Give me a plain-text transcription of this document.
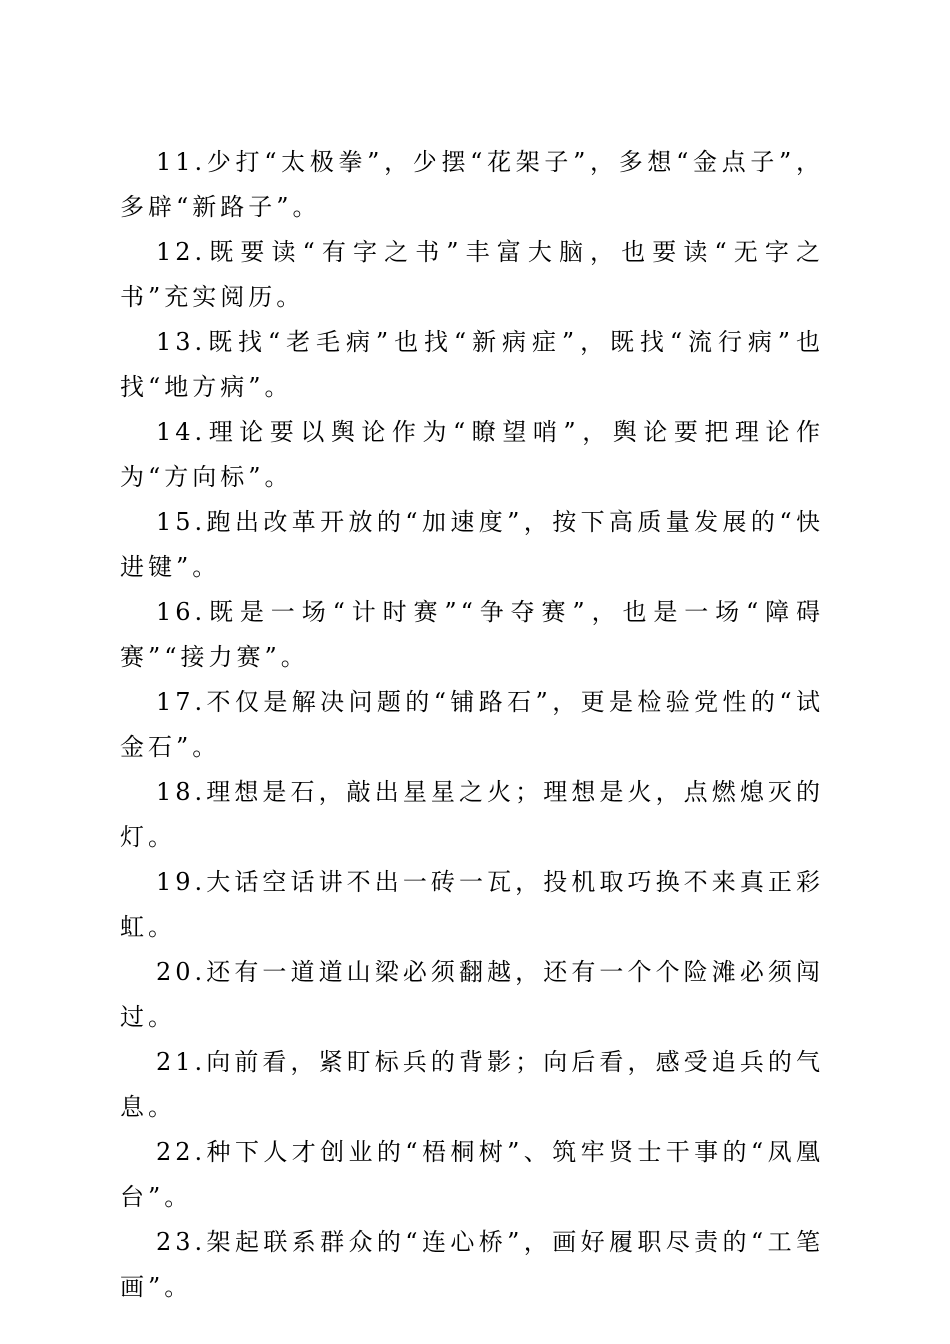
11.少打“太极拳”，少摆“花架子”，多想“金点子”，多辟“新路子”。

12.既要读“有字之书”丰富大脑，也要读“无字之书”充实阅历。

13.既找“老毛病”也找“新病症”，既找“流行病”也找“地方病”。

14.理论要以舆论作为“瞭望哨”，舆论要把理论作为“方向标”。

15.跑出改革开放的“加速度”，按下高质量发展的“快进键”。

16.既是一场“计时赛”“争夺赛”，也是一场“障碍赛”“接力赛”。

17.不仅是解决问题的“铺路石”，更是检验党性的“试金石”。

18.理想是石，敲出星星之火；理想是火，点燃熄灭的灯。

19.大话空话讲不出一砖一瓦，投机取巧换不来真正彩虹。

20.还有一道道山梁必须翻越，还有一个个险滩必须闯过。

21.向前看，紧盯标兵的背影；向后看，感受追兵的气息。

22.种下人才创业的“梧桐树”、筑牢贤士干事的“凤凰台”。

23.架起联系群众的“连心桥”，画好履职尽责的“工笔画”。
